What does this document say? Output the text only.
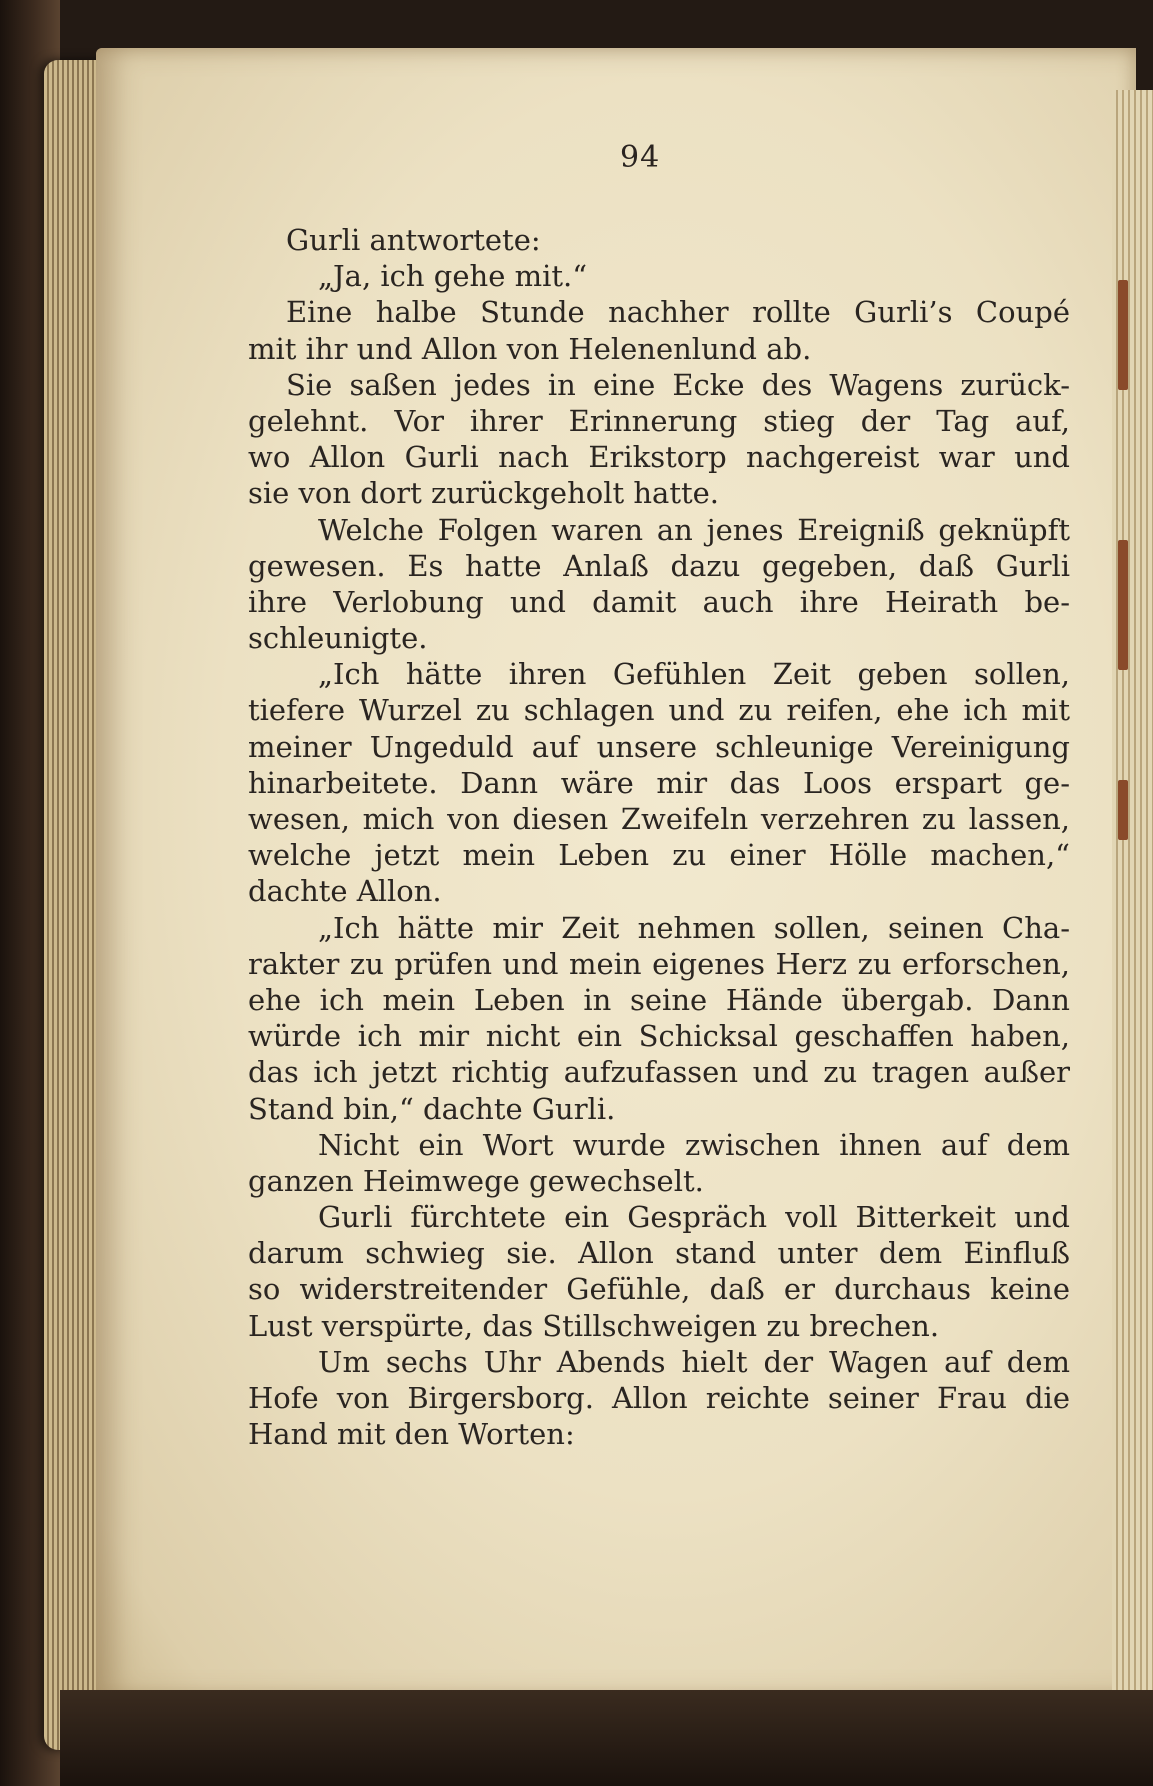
94
Gurli antwortete:
„Ja, ich gehe mit.“
Eine halbe Stunde nachher rollte Gurli’s Coupé
mit ihr und Allon von Helenenlund ab.
Sie saßen jedes in eine Ecke des Wagens zurück-
gelehnt. Vor ihrer Erinnerung stieg der Tag auf,
wo Allon Gurli nach Erikstorp nachgereist war und
sie von dort zurückgeholt hatte.
Welche Folgen waren an jenes Ereigniß geknüpft
gewesen. Es hatte Anlaß dazu gegeben, daß Gurli
ihre Verlobung und damit auch ihre Heirath be-
schleunigte.
„Ich hätte ihren Gefühlen Zeit geben sollen,
tiefere Wurzel zu schlagen und zu reifen, ehe ich mit
meiner Ungeduld auf unsere schleunige Vereinigung
hinarbeitete. Dann wäre mir das Loos erspart ge-
wesen, mich von diesen Zweifeln verzehren zu lassen,
welche jetzt mein Leben zu einer Hölle machen,“
dachte Allon.
„Ich hätte mir Zeit nehmen sollen, seinen Cha-
rakter zu prüfen und mein eigenes Herz zu erforschen,
ehe ich mein Leben in seine Hände übergab. Dann
würde ich mir nicht ein Schicksal geschaffen haben,
das ich jetzt richtig aufzufassen und zu tragen außer
Stand bin,“ dachte Gurli.
Nicht ein Wort wurde zwischen ihnen auf dem
ganzen Heimwege gewechselt.
Gurli fürchtete ein Gespräch voll Bitterkeit und
darum schwieg sie. Allon stand unter dem Einfluß
so widerstreitender Gefühle, daß er durchaus keine
Lust verspürte, das Stillschweigen zu brechen.
Um sechs Uhr Abends hielt der Wagen auf dem
Hofe von Birgersborg. Allon reichte seiner Frau die
Hand mit den Worten:
